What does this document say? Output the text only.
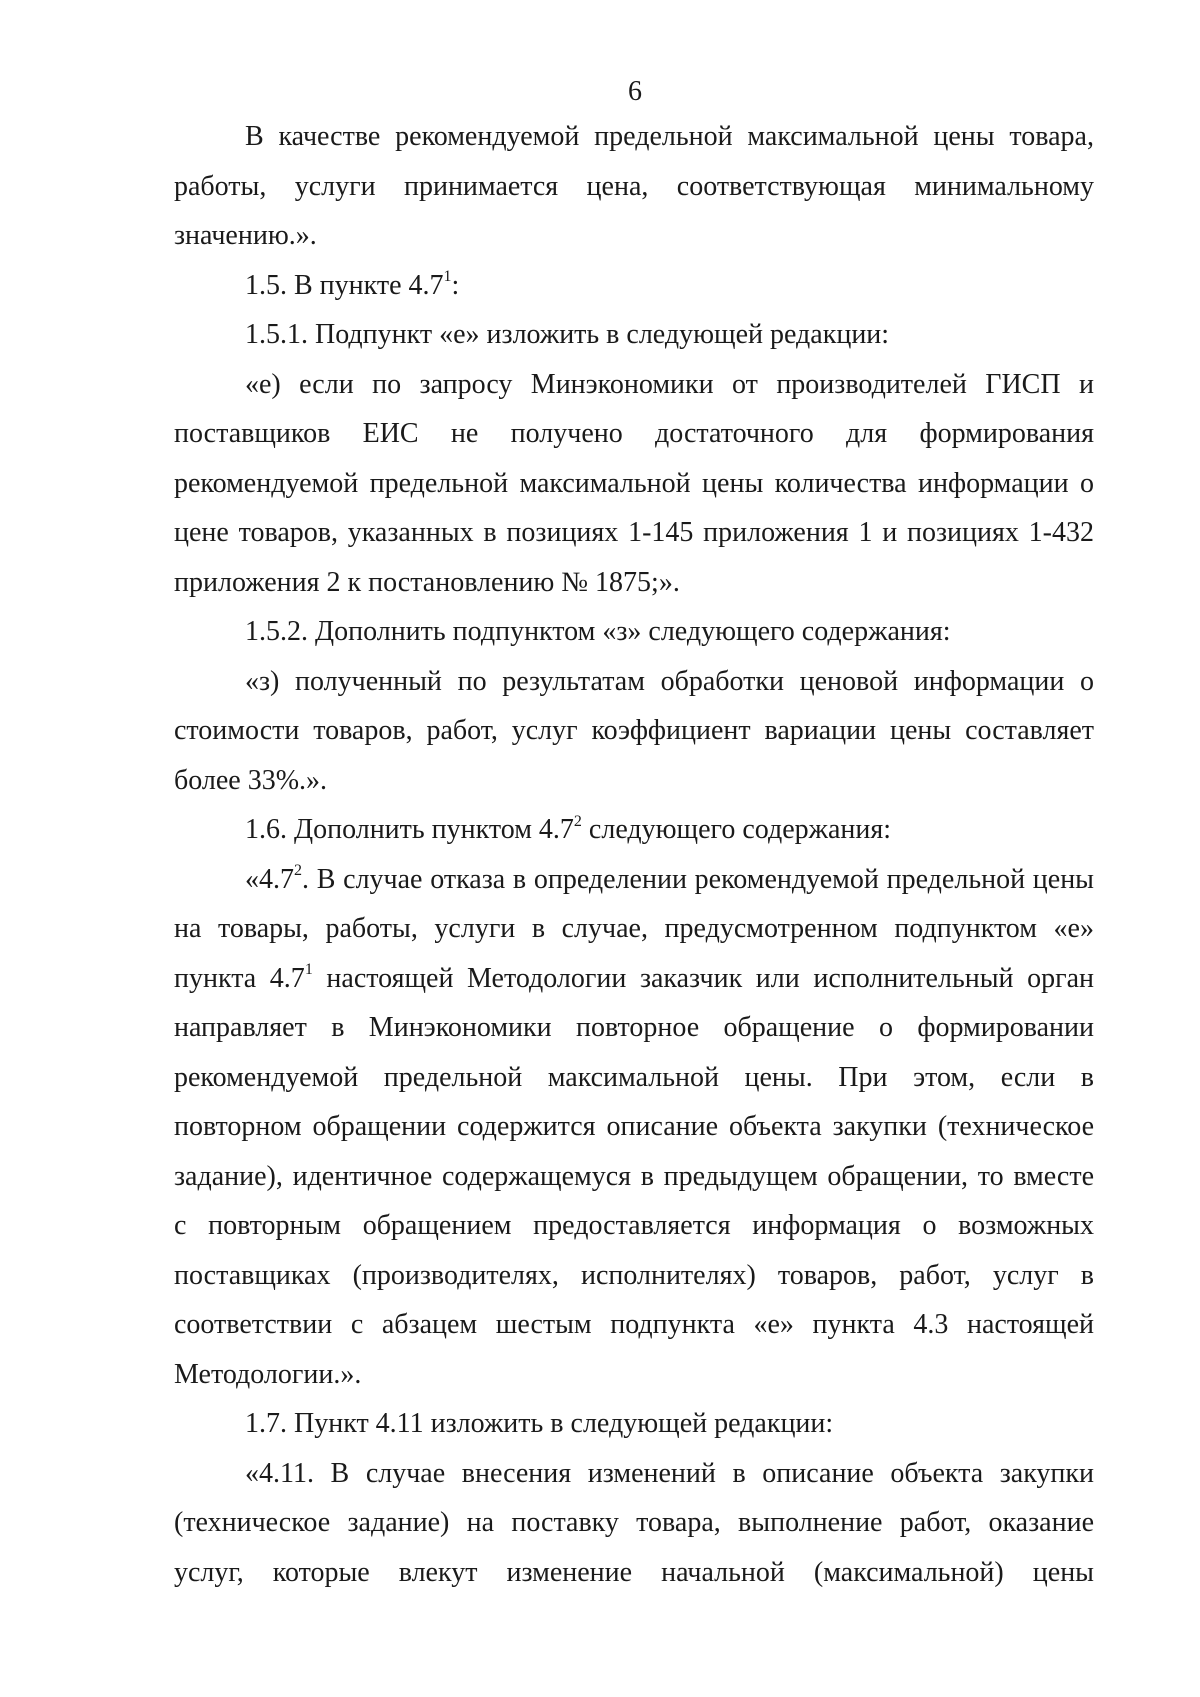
6

В качестве рекомендуемой предельной максимальной цены товара, работы, услуги принимается цена, соответствующая минимальному значению.».

1.5. В пункте $4.7^1$:

1.5.1. Подпункт «е» изложить в следующей редакции:

«е) если по запросу Минэкономики от производителей ГИСП и поставщиков ЕИС не получено достаточного для формирования рекомендуемой предельной максимальной цены количества информации о цене товаров, указанных в позициях 1-145 приложения 1 и позициях 1-432 приложения 2 к постановлению № 1875;».

1.5.2. Дополнить подпунктом «з» следующего содержания:

«з) полученный по результатам обработки ценовой информации о стоимости товаров, работ, услуг коэффициент вариации цены составляет более 33%.».

1.6. Дополнить пунктом $4.7^2$ следующего содержания:

«$4.7^2$. В случае отказа в определении рекомендуемой предельной цены на товары, работы, услуги в случае, предусмотренном подпунктом «е» пункта $4.7^1$ настоящей Методологии заказчик или исполнительный орган направляет в Минэкономики повторное обращение о формировании рекомендуемой предельной максимальной цены. При этом, если в повторном обращении содержится описание объекта закупки (техническое задание), идентичное содержащемуся в предыдущем обращении, то вместе с повторным обращением предоставляется информация о возможных поставщиках (производителях, исполнителях) товаров, работ, услуг в соответствии с абзацем шестым подпункта «е» пункта 4.3 настоящей Методологии.».

1.7. Пункт 4.11 изложить в следующей редакции:

«4.11. В случае внесения изменений в описание объекта закупки (техническое задание) на поставку товара, выполнение работ, оказание услуг, которые влекут изменение начальной (максимальной) цены
